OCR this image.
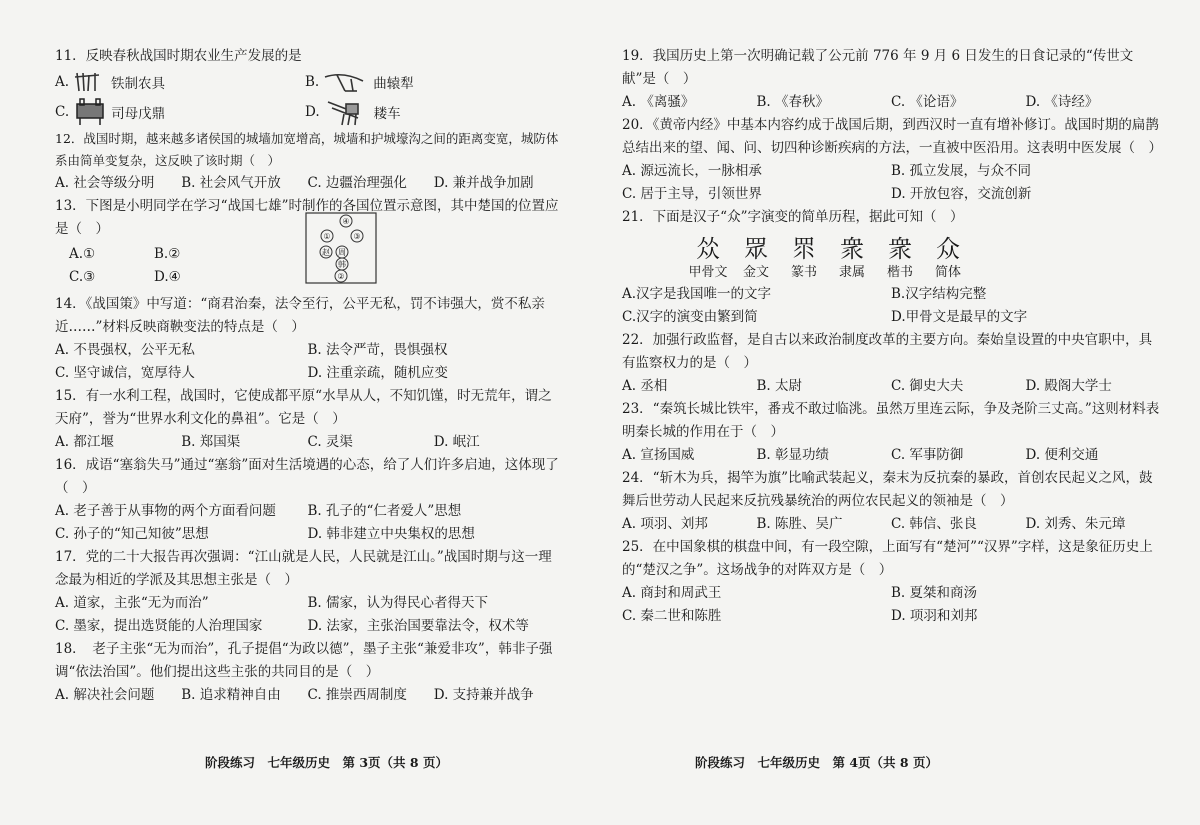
11．反映春秋战国时期农业生产发展的是

A.	铁制农具	B.	曲辕犁
C.	司母戊鼎	D.	耧车

12．战国时期，越来越多诸侯国的城墙加宽增高，城墙和护城壕沟之间的距离变宽，城防体系由简单变复杂，这反映了该时期（　）

A. 社会等级分明	B. 社会风气开放	C. 边疆治理强化	D. 兼并战争加剧

13．下图是小明同学在学习“战国七雄”时制作的各国位置示意图，其中楚国的位置应

是（　）

A.①	B.②
C.③	D.④
④
①	③
赵 周
韩
②

14．《战国策》中写道：“商君治秦，法令至行，公平无私，罚不讳强大，赏不私亲近……”材料反映商鞅变法的特点是（　）

A. 不畏强权，公平无私	B. 法令严苛，畏惧强权
C. 坚守诚信，宽厚待人	D. 注重亲疏，随机应变

15．有一水利工程，战国时，它使成都平原“水旱从人，不知饥馑，时无荒年，谓之天府”，誉为“世界水利文化的鼻祖”。它是（　）

A. 都江堰	B. 郑国渠	C. 灵渠	D. 岷江

16．成语“塞翁失马”通过“塞翁”面对生活境遇的心态，给了人们许多启迪，这体现了（　）

A. 老子善于从事物的两个方面看问题	B. 孔子的“仁者爱人”思想
C. 孙子的“知己知彼”思想	D. 韩非建立中央集权的思想

17．党的二十大报告再次强调：“江山就是人民，人民就是江山。”战国时期与这一理念最为相近的学派及其思想主张是（　）

A. 道家，主张“无为而治”	B. 儒家，认为得民心者得天下
C. 墨家，提出选贤能的人治理国家	D. 法家，主张治国要靠法令，权术等

18．　老子主张“无为而治”，孔子提倡“为政以德”，墨子主张“兼爱非攻”，韩非子强调“依法治国”。他们提出这些主张的共同目的是（　）

A. 解决社会问题	B. 追求精神自由	C. 推崇西周制度	D. 支持兼并战争
阶段练习　七年级历史　第 3页（共 8 页）

19．我国历史上第一次明确记载了公元前 776 年 9 月 6 日发生的日食记录的“传世文献”是（　）

A. 《离骚》	B. 《春秋》	C. 《论语》	D. 《诗经》

20．《黄帝内经》中基本内容约成于战国后期，到西汉时一直有增补修订。战国时期的扁鹊总结出来的望、闻、问、切四种诊断疾病的方法，一直被中医沿用。这表明中医发展（　）

A. 源远流长，一脉相承	B. 孤立发展，与众不同
C. 居于主导，引领世界	D. 开放包容，交流创新

21．下面是汉子“众”字演变的简单历程，据此可知（　）

𠈌
甲骨文
眾
金文
眔
篆书
衆
隶属
衆
楷书
众
简体
A.汉字是我国唯一的文字	B.汉字结构完整
C.汉字的演变由繁到简	D.甲骨文是最早的文字

22．加强行政监督，是自古以来政治制度改革的主要方向。秦始皇设置的中央官职中，具有监察权力的是（　）

A. 丞相	B. 太尉	C. 御史大夫	D. 殿阁大学士

23．“秦筑长城比铁牢，番戎不敢过临洮。虽然万里连云际，争及尧阶三丈高。”这则材料表明秦长城的作用在于（　）

A. 宣扬国威	B. 彰显功绩	C. 军事防御	D. 便利交通

24．“斩木为兵，揭竿为旗”比喻武装起义，秦末为反抗秦的暴政，首创农民起义之风，鼓舞后世劳动人民起来反抗残暴统治的两位农民起义的领袖是（　）

A. 项羽、刘邦	B. 陈胜、吴广	C. 韩信、张良	D. 刘秀、朱元璋

25．在中国象棋的棋盘中间，有一段空隙，上面写有“楚河”“汉界”字样，这是象征历史上的“楚汉之争”。这场战争的对阵双方是（　）

A. 商封和周武王	B. 夏桀和商汤
C. 秦二世和陈胜	D. 项羽和刘邦
阶段练习　七年级历史　第 4页（共 8 页）
